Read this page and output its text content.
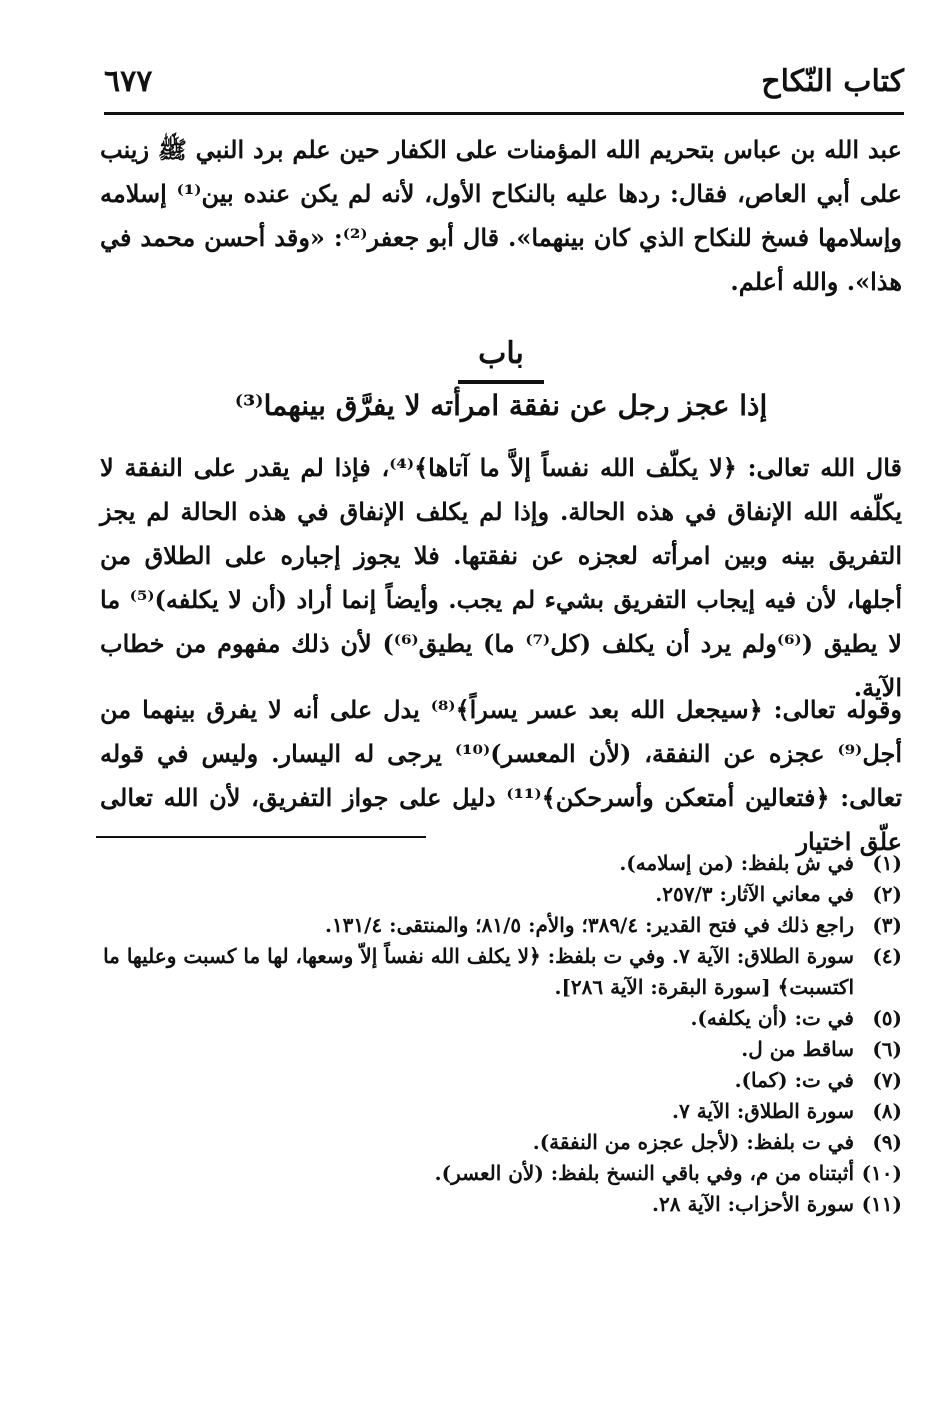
كتاب النّكاح
٦٧٧

عبد الله بن عباس بتحريم الله المؤمنات على الكفار حين علم برد النبي ﷺ زينب على أبي العاص، فقال: ردها عليه بالنكاح الأول، لأنه لم يكن عنده بين⁽¹⁾ إسلامه وإسلامها فسخ للنكاح الذي كان بينهما». قال أبو جعفر⁽²⁾: «وقد أحسن محمد في هذا». والله أعلم.

باب
إذا عجز رجل عن نفقة امرأته لا يفرَّق بينهما⁽³⁾

قال الله تعالى: ﴿لا يكلّف الله نفساً إلاَّ ما آتاها﴾⁽⁴⁾، فإذا لم يقدر على النفقة لا يكلّفه الله الإنفاق في هذه الحالة. وإذا لم يكلف الإنفاق في هذه الحالة لم يجز التفريق بينه وبين امرأته لعجزه عن نفقتها. فلا يجوز إجباره على الطلاق من أجلها، لأن فيه إيجاب التفريق بشيء لم يجب. وأيضاً إنما أراد (أن لا يكلفه)⁽⁵⁾ ما لا يطيق (⁽⁶⁾ولم يرد أن يكلف (كل⁽⁷⁾ ما) يطيق⁽⁶⁾) لأن ذلك مفهوم من خطاب الآية.

وقوله تعالى: ﴿سيجعل الله بعد عسر يسراً﴾⁽⁸⁾ يدل على أنه لا يفرق بينهما من أجل⁽⁹⁾ عجزه عن النفقة، (لأن المعسر)⁽¹⁰⁾ يرجى له اليسار. وليس في قوله تعالى: ﴿فتعالين أمتعكن وأسرحكن﴾⁽¹¹⁾ دليل على جواز التفريق، لأن الله تعالى علّق اختيار

(١)
في ش بلفظ: (من إسلامه).
(٢)
في معاني الآثار: ٢٥٧/٣.
(٣)
راجع ذلك في فتح القدير: ٣٨٩/٤؛ والأم: ٨١/٥؛ والمنتقى: ١٣١/٤.
(٤)
سورة الطلاق: الآية ٧. وفي ت بلفظ: ﴿لا يكلف الله نفساً إلاّ وسعها، لها ما كسبت وعليها ما اكتسبت﴾ [سورة البقرة: الآية ٢٨٦].
(٥)
في ت: (أن يكلفه).
(٦)
ساقط من ل.
(٧)
في ت: (كما).
(٨)
سورة الطلاق: الآية ٧.
(٩)
في ت بلفظ: (لأجل عجزه من النفقة).
(١٠)
أثبتناه من م، وفي باقي النسخ بلفظ: (لأن العسر).
(١١)
سورة الأحزاب: الآية ٢٨.
